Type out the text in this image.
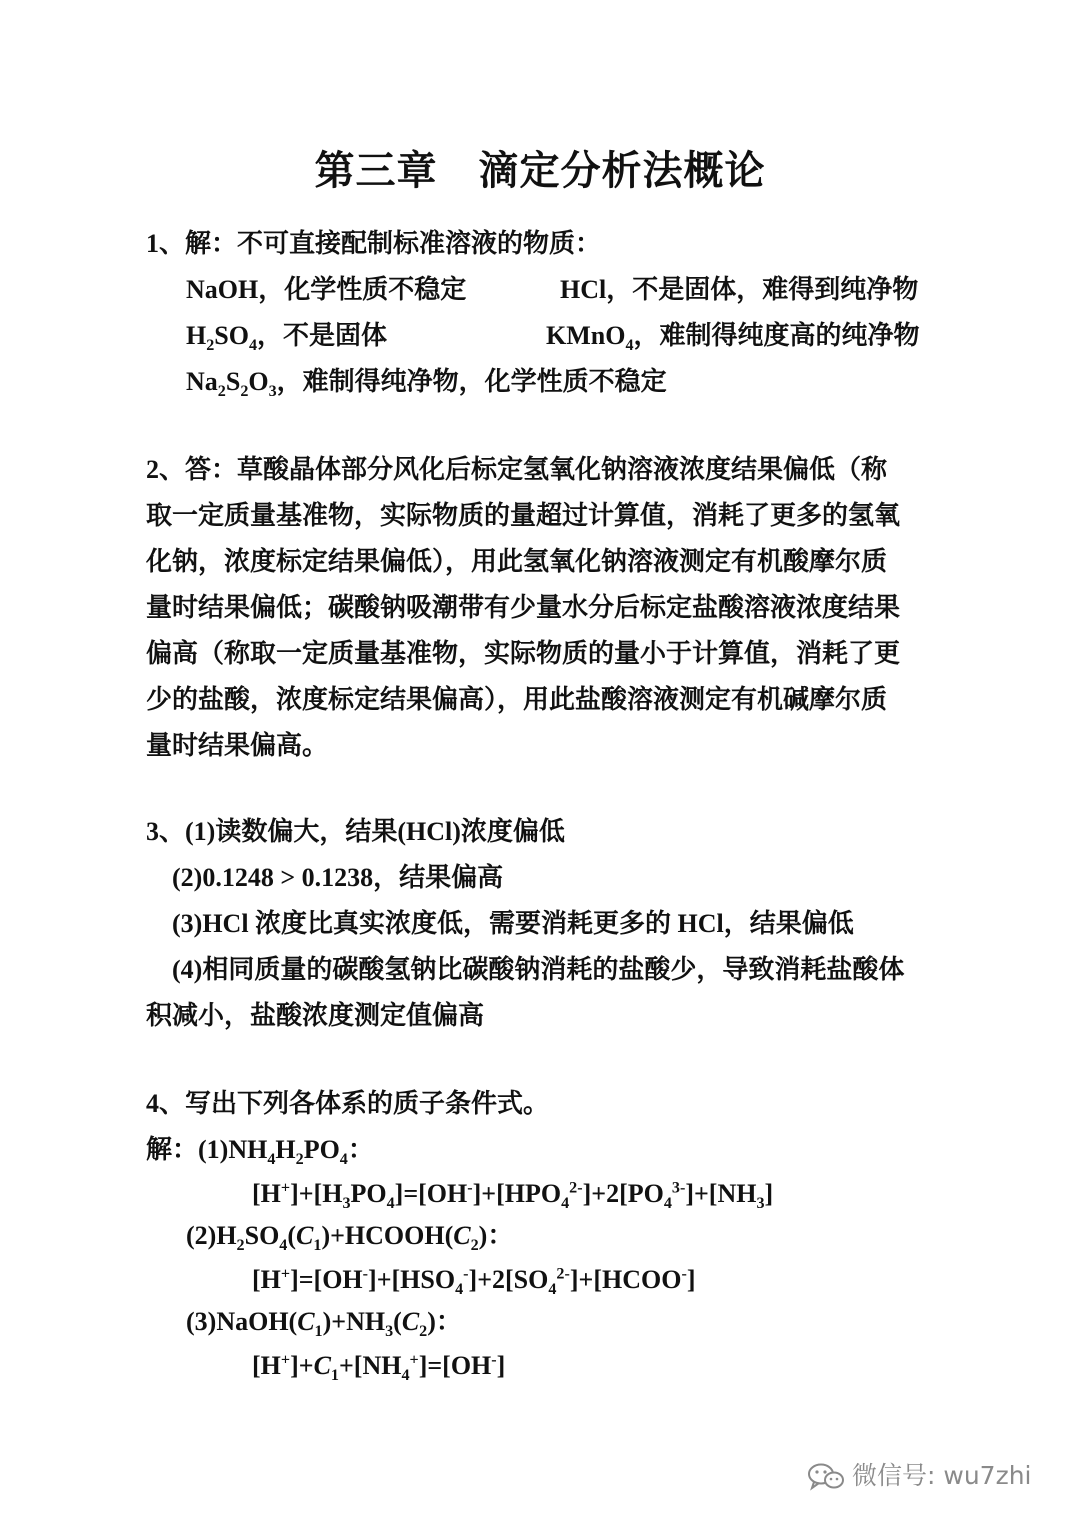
第三章　滴定分析法概论
1、解：不可直接配制标准溶液的物质：
NaOH，化学性质不稳定	HCl，不是固体，难得到纯净物
$H_2SO_4$，不是固体	KMnO$_4$，难制得纯度高的纯净物
$Na_2S_2O_3$，难制得纯净物，化学性质不稳定
2、答：草酸晶体部分风化后标定氢氧化钠溶液浓度结果偏低（称
取一定质量基准物，实际物质的量超过计算值，消耗了更多的氢氧
化钠，浓度标定结果偏低），用此氢氧化钠溶液测定有机酸摩尔质
量时结果偏低；碳酸钠吸潮带有少量水分后标定盐酸溶液浓度结果
偏高（称取一定质量基准物，实际物质的量小于计算值，消耗了更
少的盐酸，浓度标定结果偏高），用此盐酸溶液测定有机碱摩尔质
量时结果偏高。
3、(1)读数偏大，结果(HCl)浓度偏低
(2)0.1248 > 0.1238，结果偏高
(3)HCl 浓度比真实浓度低，需要消耗更多的 HCl，结果偏低
(4)相同质量的碳酸氢钠比碳酸钠消耗的盐酸少，导致消耗盐酸体
积减小，盐酸浓度测定值偏高
4、写出下列各体系的质子条件式。
解：$(1)NH_4H_2PO_4$：
$[H^+]+[H_3PO_4]=[OH^-]+[HPO_4^{2-}]+2[PO_4^{3-}]+[NH_3]$
$(2)H_2SO_4(C_1)+HCOOH(C_2)$：
$[H^+]=[OH^-]+[HSO_4^-]+2[SO_4^{2-}]+[HCOO^-]$
$(3)NaOH(C_1)+NH_3(C_2)$：
$[H^+]+C_1+[NH_4^+]=[OH^-]$
微信号: wu7zhi
